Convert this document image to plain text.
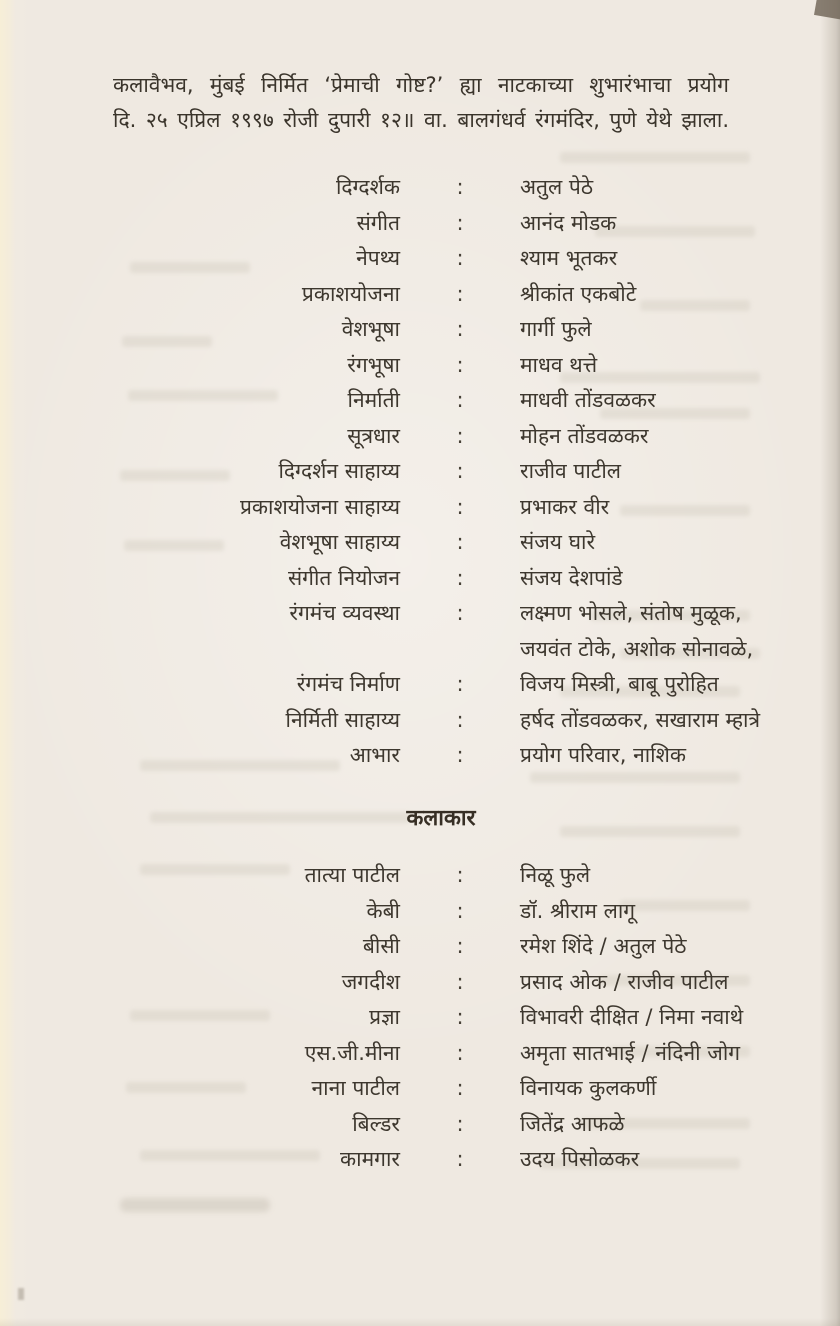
कलावैभव, मुंबई निर्मित ‘प्रेमाची गोष्ट?’ ह्या नाटकाच्या शुभारंभाचा प्रयोग
दि. २५ एप्रिल १९९७ रोजी दुपारी १२॥ वा. बालगंधर्व रंगमंदिर, पुणे येथे झाला.
दिग्दर्शक	:	अतुल पेठे
संगीत	:	आनंद मोडक
नेपथ्य	:	श्याम भूतकर
प्रकाशयोजना	:	श्रीकांत एकबोटे
वेशभूषा	:	गार्गी फुले
रंगभूषा	:	माधव थत्ते
निर्माती	:	माधवी तोंडवळकर
सूत्रधार	:	मोहन तोंडवळकर
दिग्दर्शन साहाय्य	:	राजीव पाटील
प्रकाशयोजना साहाय्य	:	प्रभाकर वीर
वेशभूषा साहाय्य	:	संजय घारे
संगीत नियोजन	:	संजय देशपांडे
रंगमंच व्यवस्था	:	लक्ष्मण भोसले, संतोष मुळूक,
जयवंत टोके, अशोक सोनावळे,
रंगमंच निर्माण	:	विजय मिस्त्री, बाबू पुरोहित
निर्मिती साहाय्य	:	हर्षद तोंडवळकर, सखाराम म्हात्रे
आभार	:	प्रयोग परिवार, नाशिक
कलाकार
तात्या पाटील	:	निळू फुले
केबी	:	डॉ. श्रीराम लागू
बीसी	:	रमेश शिंदे / अतुल पेठे
जगदीश	:	प्रसाद ओक / राजीव पाटील
प्रज्ञा	:	विभावरी दीक्षित / निमा नवाथे
एस.जी.मीना	:	अमृता सातभाई / नंदिनी जोग
नाना पाटील	:	विनायक कुलकर्णी
बिल्डर	:	जितेंद्र आफळे
कामगार	:	उदय पिसोळकर
